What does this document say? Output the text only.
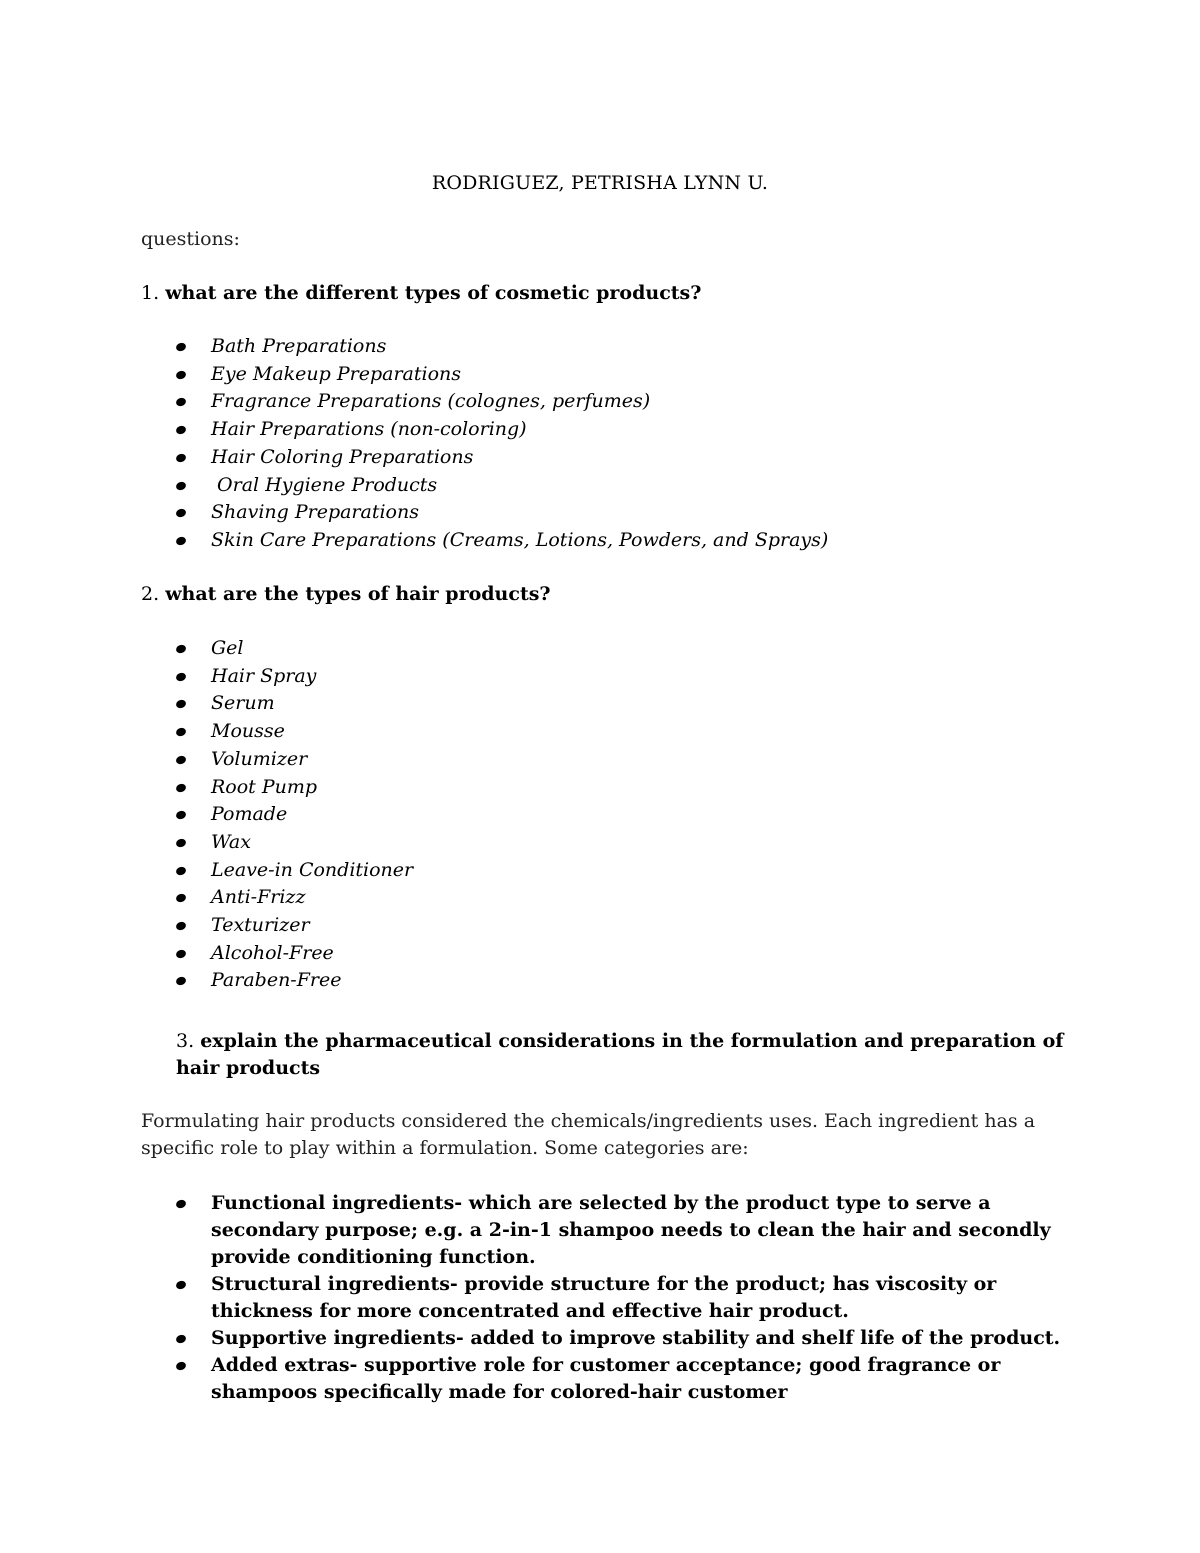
RODRIGUEZ, PETRISHA LYNN U.
questions:
1. what are the different types of cosmetic products?
Bath Preparations
Eye Makeup Preparations
Fragrance Preparations (colognes, perfumes)
Hair Preparations (non-coloring)
Hair Coloring Preparations
Oral Hygiene Products
Shaving Preparations
Skin Care Preparations (Creams, Lotions, Powders, and Sprays)
2. what are the types of hair products?
Gel
Hair Spray
Serum
Mousse
Volumizer
Root Pump
Pomade
Wax
Leave-in Conditioner
Anti-Frizz
Texturizer
Alcohol-Free
Paraben-Free
3. explain the pharmaceutical considerations in the formulation and preparation of hair products
Formulating hair products considered the chemicals/ingredients uses. Each ingredient has a specific role to play within a formulation. Some categories are:
Functional ingredients- which are selected by the product type to serve a secondary purpose; e.g. a 2-in-1 shampoo needs to clean the hair and secondly provide conditioning function.
Structural ingredients- provide structure for the product; has viscosity or thickness for more concentrated and effective hair product.
Supportive ingredients- added to improve stability and shelf life of the product.
Added extras- supportive role for customer acceptance; good fragrance or shampoos specifically made for colored-hair customer
